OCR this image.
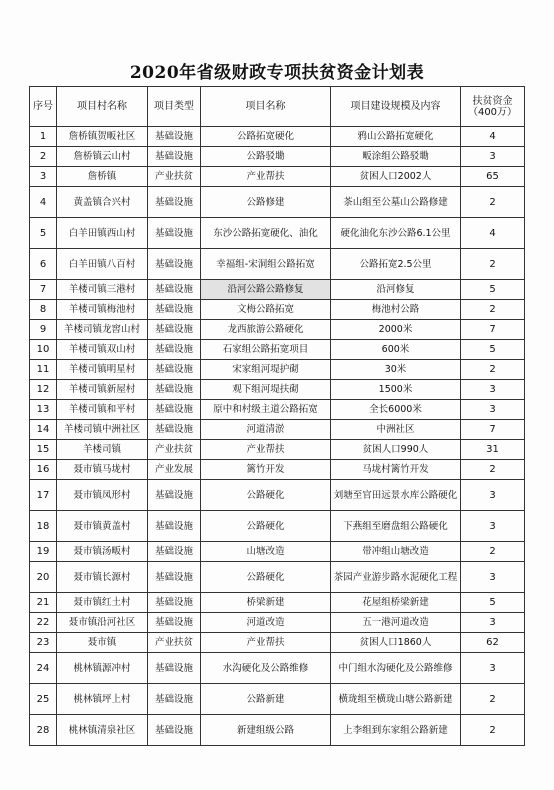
2020年省级财政专项扶贫资金计划表
序号	项目村名称	项目类型	项目名称	项目建设规模及内容	扶贫资金（400万）
1	詹桥镇贺畈社区	基础设施	公路拓宽硬化	鸦山公路拓宽硬化	4
2	詹桥镇云山村	基础设施	公路驳墈	畈涂组公路驳墈	3
3	詹桥镇	产业扶贫	产业帮扶	贫困人口2002人	65
4	黄盖镇合兴村	基础设施	公路修建	茶山组至公墓山公路修建	2
5	白羊田镇西山村	基础设施	东沙公路拓宽硬化、油化	硬化油化东沙公路6.1公里	4
6	白羊田镇八百村	基础设施	幸福组-宋洞组公路拓宽	公路拓宽2.5公里	2
7	羊楼司镇三港村	基础设施	沿河公路公路修复	沿河修复	5
8	羊楼司镇梅池村	基础设施	文梅公路拓宽	梅池村公路	2
9	羊楼司镇龙窖山村	基础设施	龙西旅游公路硬化	2000米	7
10	羊楼司镇双山村	基础设施	石家组公路拓宽项目	600米	5
11	羊楼司镇明星村	基础设施	宋家组河堤护砌	30米	2
12	羊楼司镇新屋村	基础设施	观下组河堤扶砌	1500米	3
13	羊楼司镇和平村	基础设施	原中和村级主道公路拓宽	全长6000米	3
14	羊楼司镇中洲社区	基础设施	河道清淤	中洲社区	7
15	羊楼司镇	产业扶贫	产业帮扶	贫困人口990人	31
16	聂市镇马垅村	产业发展	篱竹开发	马垅村篱竹开发	2
17	聂市镇凤形村	基础设施	公路硬化	刘塘至官田远景水库公路硬化	3
18	聂市镇黄盖村	基础设施	公路硬化	下燕组至磨盘组公路硬化	3
19	聂市镇汤畈村	基础设施	山塘改造	带冲组山塘改造	2
20	聂市镇长源村	基础设施	公路硬化	茶园产业游步路水泥硬化工程	3
21	聂市镇红土村	基础设施	桥梁新建	花屋组桥梁新建	5
22	聂市镇沿河社区	基础设施	河道改造	五一港河道改造	3
23	聂市镇	产业扶贫	产业帮扶	贫困人口1860人	62
24	桃林镇源冲村	基础设施	水沟硬化及公路维修	中门组水沟硬化及公路维修	3
25	桃林镇坪上村	基础设施	公路新建	横珑组至横珑山塘公路新建	2
28	桃林镇清泉社区	基础设施	新建组级公路	上李组到东家组公路新建	2
